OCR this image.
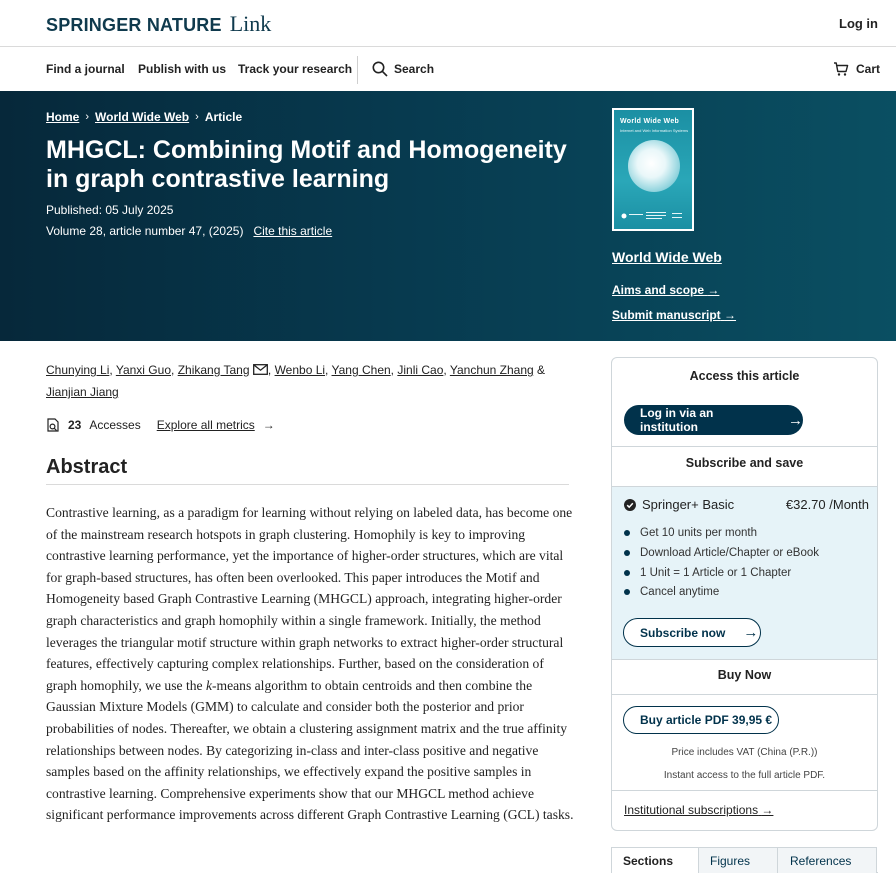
SPRINGER NATURE Link	Log in
Find a journal Publish with us Track your research	Search	Cart
Home › World Wide Web › Article
MHGCL: Combining Motif and Homogeneity in graph contrastive learning
Published: 05 July 2025
Volume 28, article number 47, (2025) Cite this article
World Wide Web
Internet and Web Information Systems
World Wide Web
Aims and scope →
Submit manuscript →
Chunying Li, Yanxi Guo, Zhikang Tang , Wenbo Li, Yang Chen, Jinli Cao, Yanchun Zhang & Jianjian Jiang
23 Accesses Explore all metrics →
Abstract

Contrastive learning, as a paradigm for learning without relying on labeled data, has become one of the mainstream research hotspots in graph clustering. Homophily is key to improving contrastive learning performance, yet the importance of higher-order structures, which are vital for graph-based structures, has often been overlooked. This paper introduces the Motif and Homogeneity based Graph Contrastive Learning (MHGCL) approach, integrating higher-order graph characteristics and graph homophily within a single framework. Initially, the method leverages the triangular motif structure within graph networks to extract higher-order structural features, effectively capturing complex relationships. Further, based on the consideration of graph homophily, we use the k-means algorithm to obtain centroids and then combine the Gaussian Mixture Models (GMM) to calculate and consider both the posterior and prior probabilities of nodes. Thereafter, we obtain a clustering assignment matrix and the true affinity relationships between nodes. By categorizing in-class and inter-class positive and negative samples based on the affinity relationships, we effectively expand the positive samples in contrastive learning. Comprehensive experiments show that our MHGCL method achieve significant performance improvements across different Graph Contrastive Learning (GCL) tasks.

Access this article
Log in via an institution	→
Subscribe and save
Springer+ Basic	€32.70 /Month
Get 10 units per month
Download Article/Chapter or eBook
1 Unit = 1 Article or 1 Chapter
Cancel anytime
Subscribe now →
Buy Now
Buy article PDF 39,95 €
Price includes VAT (China (P.R.))
Instant access to the full article PDF.
Institutional subscriptions →
Sections	Figures	References
